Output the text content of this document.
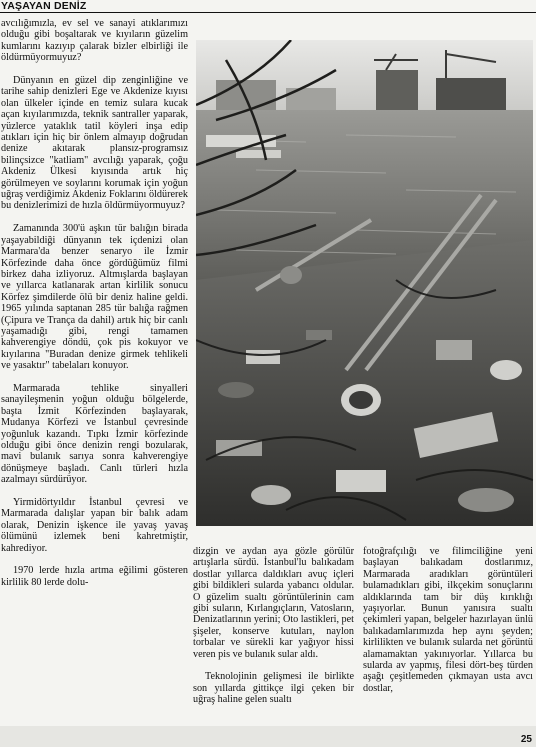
YAŞAYAN DENİZ

avcılığımızla, ev sel ve sanayi atıklarımızı olduğu gibi boşaltarak ve kıyıların güzelim kumlarını kazıyıp çalarak bizler elbirliği ile öldürmüyormuyuz?

Dünyanın en güzel dip zenginliğine ve tarihe sahip denizleri Ege ve Akdenize kıyısı olan ülkeler içinde en temiz sulara kucak açan kıyılarımızda, teknik santraller yaparak, yüzlerce yataklık tatil köyleri inşa edip atıkları için hiç bir önlem almayıp doğrudan denize akıtarak plansız-programsız bilinçsizce "katliam" avcılığı yaparak, çoğu Akdeniz Ülkesi kıyısında artık hiç görülmeyen ve soylarını korumak için yoğun uğraş verdiğimiz Akdeniz Foklarını öldürerek bu denizlerimizi de hızla öldürmüyormuyuz?

Zamanında 300'ü aşkın tür balığın birada yaşayabildiği dünyanın tek içdenizi olan Marmara'da benzer senaryo ile İzmir Körfezinde daha önce gördüğümüz filmi birkez daha izliyoruz. Altmışlarda başlayan ve yıllarca katlanarak artan kirlilik sonucu Körfez şimdilerde ölü bir deniz haline geldi. 1965 yılında saptanan 285 tür balığa rağmen (Çipura ve Trança da dahil) artık hiç bir canlı yaşamadığı gibi, rengi tamamen kahverengiye döndü, çok pis kokuyor ve kıyılarına "Buradan denize girmek tehlikeli ve yasaktır" tabelaları konuyor.

Marmarada tehlike sinyalleri sanayileşmenin yoğun olduğu bölgelerde, başta İzmit Körfezinden başlayarak, Mudanya Körfezi ve İstanbul çevresinde yoğunluk kazandı. Tıpkı İzmir körfezinde olduğu gibi önce denizin rengi bozularak, mavi bulanık sarıya sonra kahverengiye dönüşmeye başladı. Canlı türleri hızla azalmayı sürdürüyor.

Yirmidörtyıldır İstanbul çevresi ve Marmarada dalışlar yapan bir balık adam olarak, Denizin işkence ile yavaş yavaş ölümünü izlemek beni kahretmiştir, kahrediyor.

1970 lerde hızla artma eğilimi gösteren kirlilik 80 lerde dolu-

dizgin ve aydan aya gözle görülür artışlarla sürdü. İstanbul'lu balıkadam dostlar yıllarca daldıkları avuç içleri gibi bildikleri sularda yabancı oldular. O güzelim sualtı görüntülerinin cam gibi suların, Kırlangıçların, Vatosların, Denizatlarının yerini; Oto lastikleri, pet şişeler, konserve kutuları, naylon torbalar ve sürekli kar yağıyor hissi veren pis ve bulanık sular aldı.

Teknolojinin gelişmesi ile birlikte son yıllarda gittikçe ilgi çeken bir uğraş haline gelen sualtı

fotoğrafçılığı ve filimciliğine yeni başlayan balıkadam dostlarımız, Marmarada aradıkları görüntüleri bulamadıkları gibi, ilkçekim sonuçlarını aldıklarında tam bir düş kırıklığı yaşıyorlar. Bunun yanısıra sualtı çekimleri yapan, belgeler hazırlayan ünlü balıkadamlarımızda hep aynı şeyden; kirlilikten ve bulanık sularda net görüntü alamamaktan yakınıyorlar. Yıllarca bu sularda av yapmış, filesi dört-beş türden aşağı çeşitlemeden çıkmayan usta avcı dostlar,

25
